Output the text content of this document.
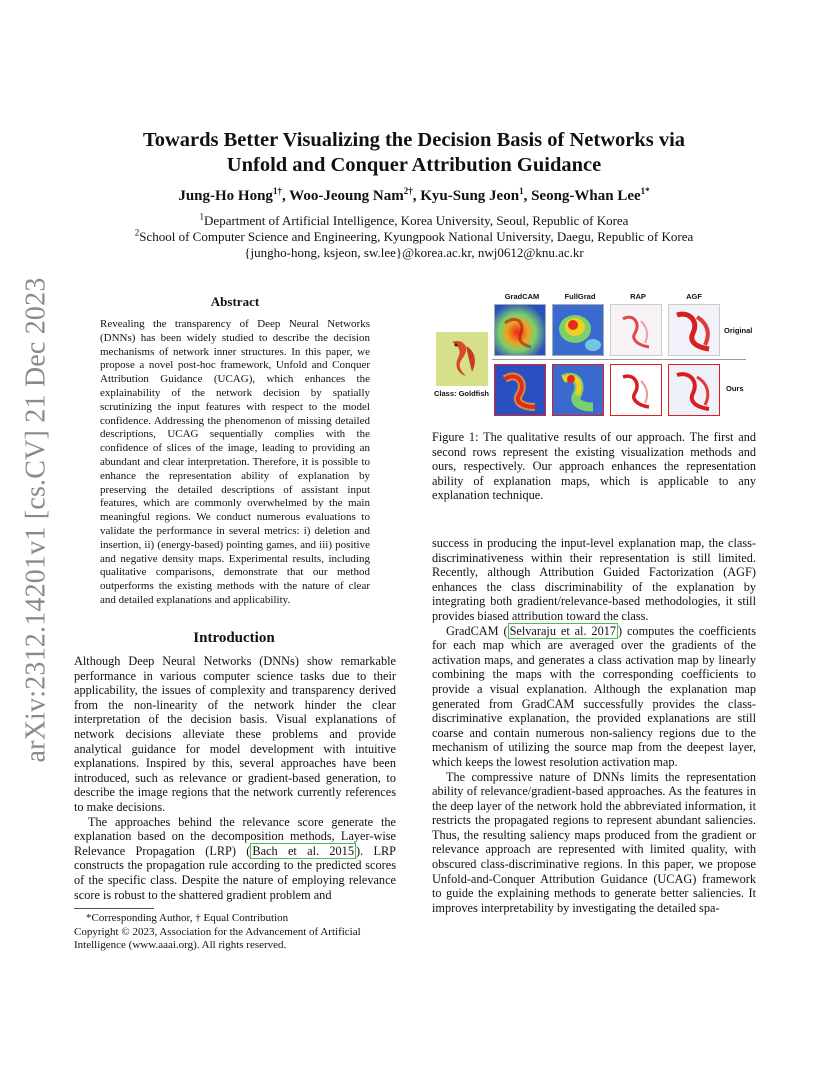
arXiv:2312.14201v1 [cs.CV] 21 Dec 2023
Towards Better Visualizing the Decision Basis of Networks via
Unfold and Conquer Attribution Guidance
Jung-Ho Hong$^{1\dagger}$, Woo-Jeoung Nam$^{2\dagger}$, Kyu-Sung Jeon$^1$, Seong-Whan Lee$^{1*}$
$^1$Department of Artificial Intelligence, Korea University, Seoul, Republic of Korea
$^2$School of Computer Science and Engineering, Kyungpook National University, Daegu, Republic of Korea
{jungho-hong, ksjeon, sw.lee}@korea.ac.kr, nwj0612@knu.ac.kr
Abstract
Revealing the transparency of Deep Neural Networks (DNNs) has been widely studied to describe the decision mechanisms of network inner structures. In this paper, we propose a novel post-hoc framework, Unfold and Conquer Attribution Guidance (UCAG), which enhances the explainability of the network decision by spatially scrutinizing the input features with respect to the model confidence. Addressing the phenomenon of missing detailed descriptions, UCAG sequentially complies with the confidence of slices of the image, leading to providing an abundant and clear interpretation. Therefore, it is possible to enhance the representation ability of explanation by preserving the detailed descriptions of assistant input features, which are commonly overwhelmed by the main meaningful regions. We conduct numerous evaluations to validate the performance in several metrics: i) deletion and insertion, ii) (energy-based) pointing games, and iii) positive and negative density maps. Experimental results, including qualitative comparisons, demonstrate that our method outperforms the existing methods with the nature of clear and detailed explanations and applicability.
Introduction

Although Deep Neural Networks (DNNs) show remarkable performance in various computer science tasks due to their applicability, the issues of complexity and transparency derived from the non-linearity of the network hinder the clear interpretation of the decision basis. Visual explanations of network decisions alleviate these problems and provide analytical guidance for model development with intuitive explanations. Inspired by this, several approaches have been introduced, such as relevance or gradient-based generation, to describe the image regions that the network currently references to make decisions.

The approaches behind the relevance score generate the explanation based on the decomposition methods, Layer-wise Relevance Propagation (LRP) ( Bach et al. 2015 ). LRP constructs the propagation rule according to the predicted scores of the specific class. Despite the nature of employing relevance score is robust to the shattered gradient problem and

*Corresponding Author, † Equal Contribution
Copyright © 2023, Association for the Advancement of Artificial Intelligence (www.aaai.org). All rights reserved.
GradCAM	FullGrad	RAP	AGF
Class: Goldfish
Original
Ours
Figure 1: The qualitative results of our approach. The first and second rows represent the existing visualization methods and ours, respectively. Our approach enhances the representation ability of explanation maps, which is applicable to any explanation technique.

success in producing the input-level explanation map, the class-discriminativeness within their representation is still limited. Recently, although Attribution Guided Factorization (AGF) enhances the class discriminability of the explanation by integrating both gradient/relevance-based methodologies, it still provides biased attribution toward the class.

GradCAM ( Selvaraju et al. 2017 ) computes the coefficients for each map which are averaged over the gradients of the activation maps, and generates a class activation map by linearly combining the maps with the corresponding coefficients to provide a visual explanation. Although the explanation map generated from GradCAM successfully provides the class-discriminative explanation, the provided explanations are still coarse and contain numerous non-saliency regions due to the mechanism of utilizing the source map from the deepest layer, which keeps the lowest resolution activation map.

The compressive nature of DNNs limits the representation ability of relevance/gradient-based approaches. As the features in the deep layer of the network hold the abbreviated information, it restricts the propagated regions to represent abundant saliencies. Thus, the resulting saliency maps produced from the gradient or relevance approach are represented with limited quality, with obscured class-discriminative regions. In this paper, we propose Unfold-and-Conquer Attribution Guidance (UCAG) framework to guide the explaining methods to generate better saliencies. It improves interpretability by investigating the detailed spa-
